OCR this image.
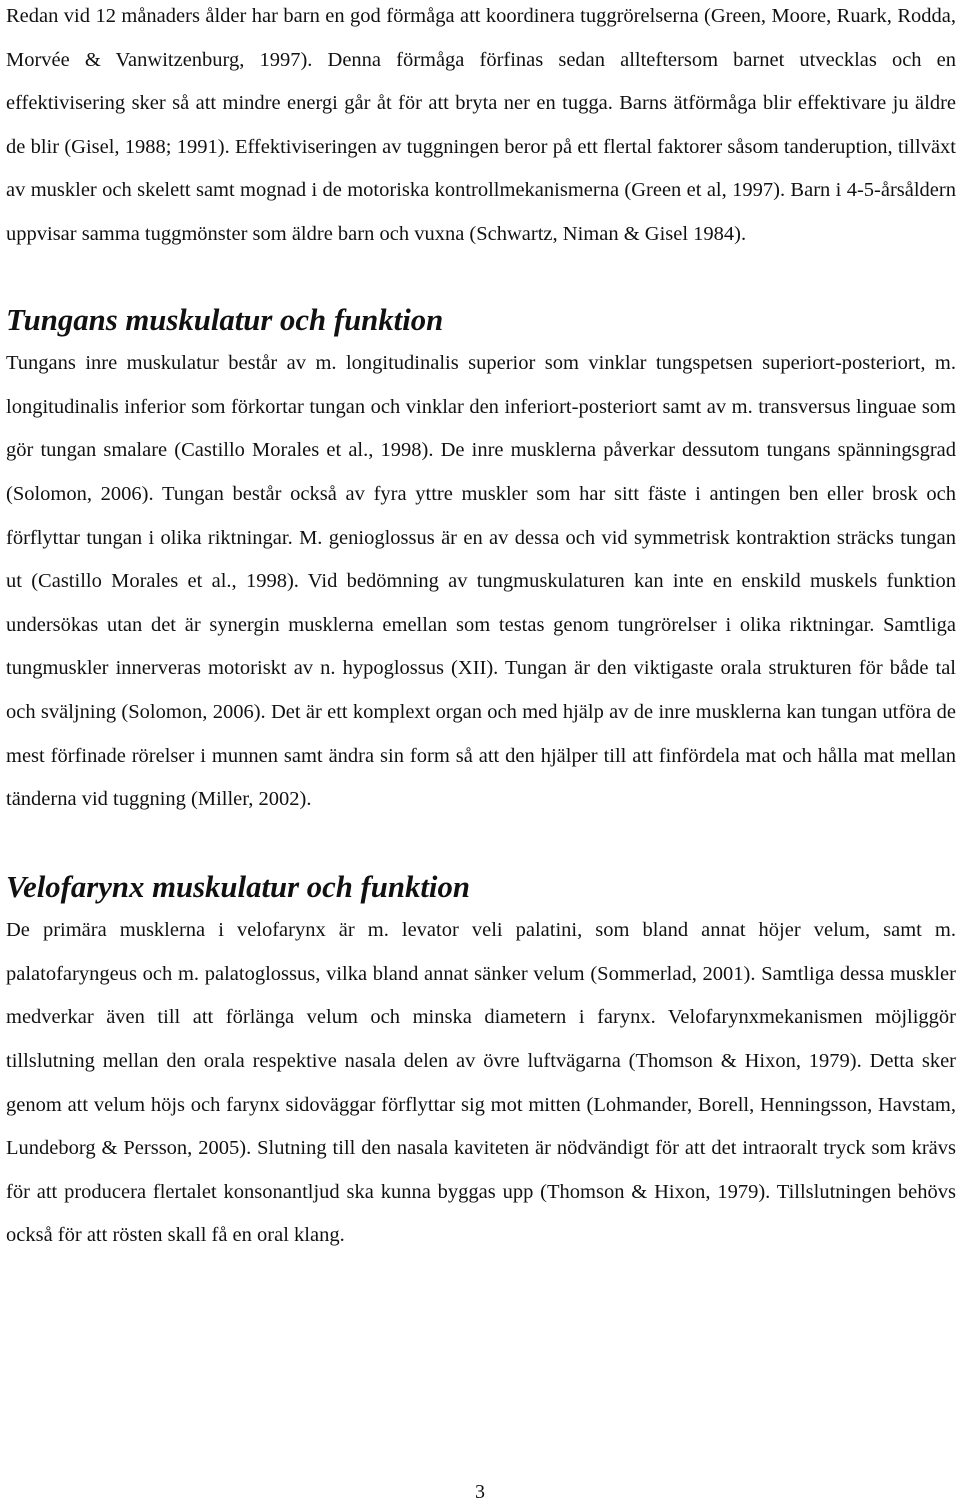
Redan vid 12 månaders ålder har barn en god förmåga att koordinera tuggrörelserna (Green, Moore, Ruark, Rodda, Morvée & Vanwitzenburg, 1997). Denna förmåga förfinas sedan allteftersom barnet utvecklas och en effektivisering sker så att mindre energi går åt för att bryta ner en tugga. Barns ätförmåga blir effektivare ju äldre de blir (Gisel, 1988; 1991). Effektiviseringen av tuggningen beror på ett flertal faktorer såsom tanderuption, tillväxt av muskler och skelett samt mognad i de motoriska kontrollmekanismerna (Green et al, 1997). Barn i 4-5-årsåldern uppvisar samma tuggmönster som äldre barn och vuxna (Schwartz, Niman & Gisel 1984).

Tungans muskulatur och funktion

Tungans inre muskulatur består av m. longitudinalis superior som vinklar tungspetsen superiort-posteriort, m. longitudinalis inferior som förkortar tungan och vinklar den inferiort-posteriort samt av m. transversus linguae som gör tungan smalare (Castillo Morales et al., 1998). De inre musklerna påverkar dessutom tungans spänningsgrad (Solomon, 2006). Tungan består också av fyra yttre muskler som har sitt fäste i antingen ben eller brosk och förflyttar tungan i olika riktningar. M. genioglossus är en av dessa och vid symmetrisk kontraktion sträcks tungan ut (Castillo Morales et al., 1998). Vid bedömning av tungmuskulaturen kan inte en enskild muskels funktion undersökas utan det är synergin musklerna emellan som testas genom tungrörelser i olika riktningar. Samtliga tungmuskler innerveras motoriskt av n. hypoglossus (XII). Tungan är den viktigaste orala strukturen för både tal och sväljning (Solomon, 2006). Det är ett komplext organ och med hjälp av de inre musklerna kan tungan utföra de mest förfinade rörelser i munnen samt ändra sin form så att den hjälper till att finfördela mat och hålla mat mellan tänderna vid tuggning (Miller, 2002).

Velofarynx muskulatur och funktion

De primära musklerna i velofarynx är m. levator veli palatini, som bland annat höjer velum, samt m. palatofaryngeus och m. palatoglossus, vilka bland annat sänker velum (Sommerlad, 2001). Samtliga dessa muskler medverkar även till att förlänga velum och minska diametern i farynx. Velofarynxmekanismen möjliggör tillslutning mellan den orala respektive nasala delen av övre luftvägarna (Thomson & Hixon, 1979). Detta sker genom att velum höjs och farynx sidoväggar förflyttar sig mot mitten (Lohmander, Borell, Henningsson, Havstam, Lundeborg & Persson, 2005). Slutning till den nasala kaviteten är nödvändigt för att det intraoralt tryck som krävs för att producera flertalet konsonantljud ska kunna byggas upp (Thomson & Hixon, 1979). Tillslutningen behövs också för att rösten skall få en oral klang.

3
